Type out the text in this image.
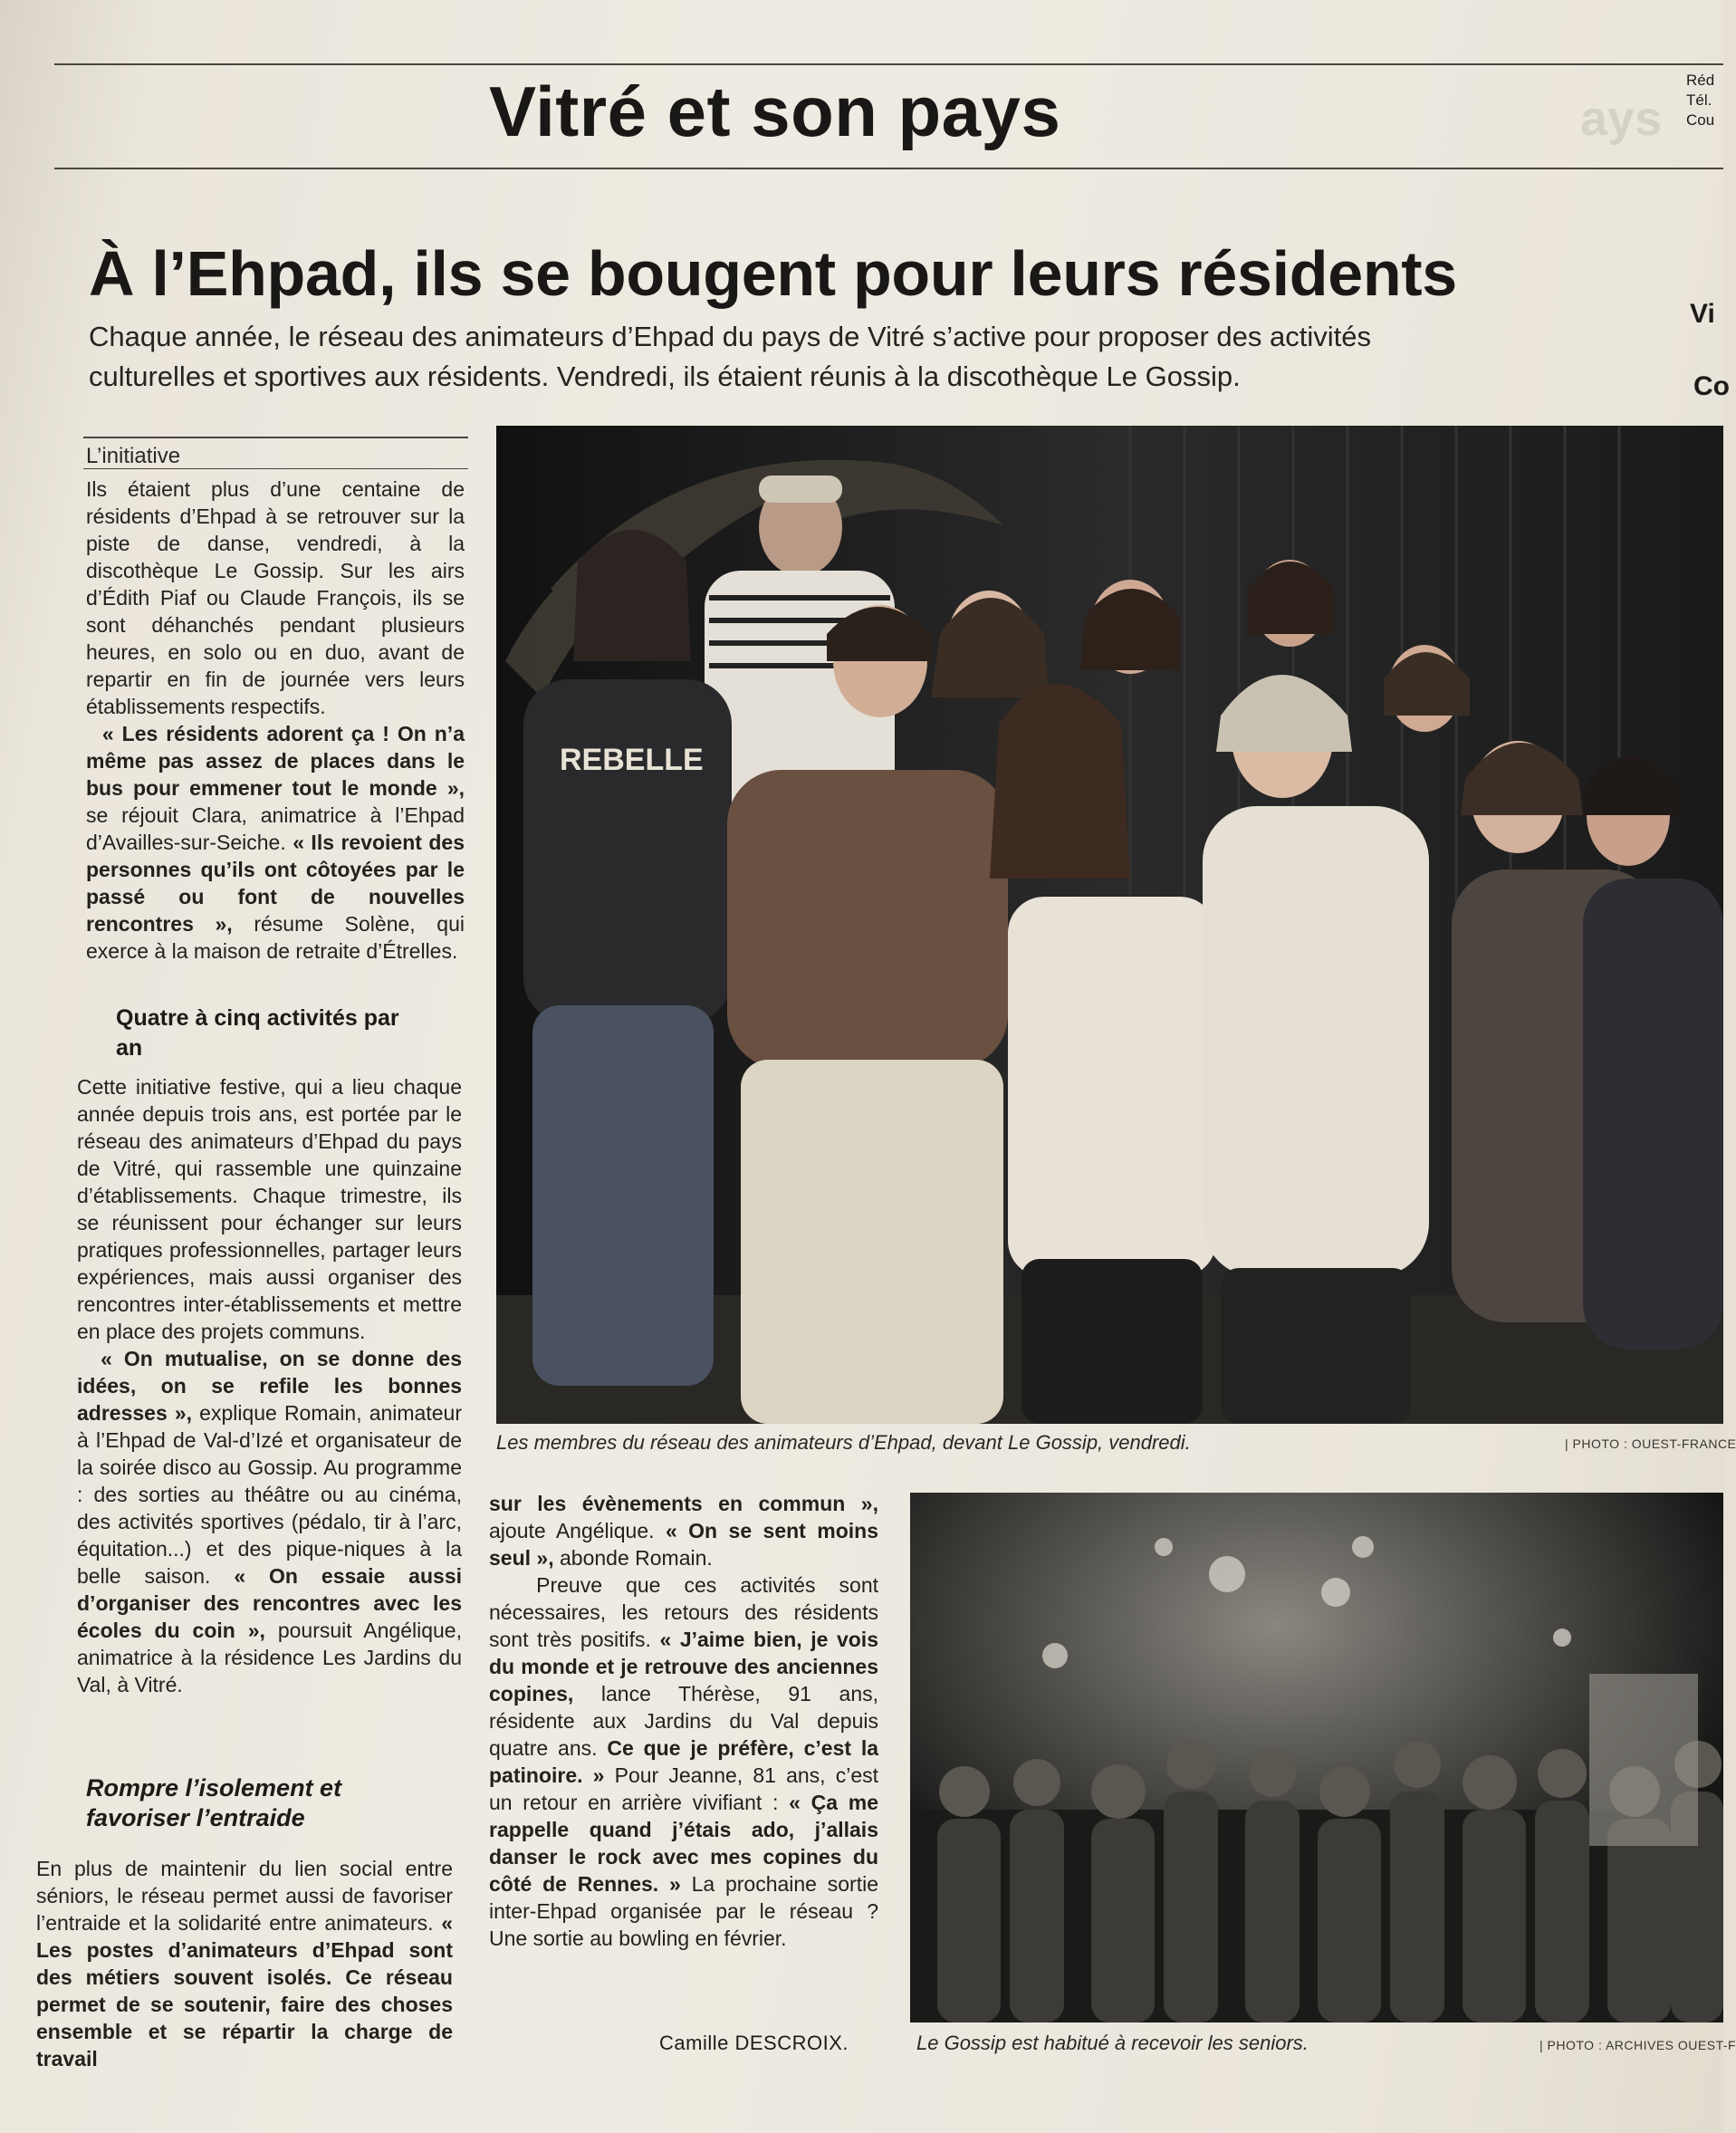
Vitré et son pays	ays
Réd
Tél.
Cou
À l’Ehpad, ils se bougent pour leurs résidents
Chaque année, le réseau des animateurs d’Ehpad du pays de Vitré s’active pour proposer des activités culturelles et sportives aux résidents. Vendredi, ils étaient réunis à la discothèque Le Gossip.
Vi
Co
L’initiative

Ils étaient plus d’une centaine de résidents d’Ehpad à se retrouver sur la piste de danse, vendredi, à la discothèque Le Gossip. Sur les airs d’Édith Piaf ou Claude François, ils se sont déhanchés pendant plusieurs heures, en solo ou en duo, avant de repartir en fin de journée vers leurs établissements respectifs.

« Les résidents adorent ça ! On n’a même pas assez de places dans le bus pour emmener tout le monde », se réjouit Clara, animatrice à l’Ehpad d’Availles-sur-Seiche. « Ils revoient des personnes qu’ils ont côtoyées par le passé ou font de nouvelles rencontres », résume Solène, qui exerce à la maison de retraite d’Étrelles.

Quatre à cinq activités par an

Cette initiative festive, qui a lieu chaque année depuis trois ans, est portée par le réseau des animateurs d’Ehpad du pays de Vitré, qui rassemble une quinzaine d’établissements. Chaque trimestre, ils se réunissent pour échanger sur leurs pratiques professionnelles, partager leurs expériences, mais aussi organiser des rencontres inter-établissements et mettre en place des projets communs.

« On mutualise, on se donne des idées, on se refile les bonnes adresses », explique Romain, animateur à l’Ehpad de Val-d’Izé et organisateur de la soirée disco au Gossip. Au programme : des sorties au théâtre ou au cinéma, des activités sportives (pédalo, tir à l’arc, équitation...) et des pique-niques à la belle saison. « On essaie aussi d’organiser des rencontres avec les écoles du coin », poursuit Angélique, animatrice à la résidence Les Jardins du Val, à Vitré.

Rompre l’isolement et favoriser l’entraide

En plus de maintenir du lien social entre séniors, le réseau permet aussi de favoriser l’entraide et la solidarité entre animateurs. « Les postes d’animateurs d’Ehpad sont des métiers souvent isolés. Ce réseau permet de se soutenir, faire des choses ensemble et se répartir la charge de travail

REBELLE
Les membres du réseau des animateurs d’Ehpad, devant Le Gossip, vendredi.	| PHOTO : OUEST-FRANCE

sur les évènements en commun », ajoute Angélique. « On se sent moins seul », abonde Romain.

Preuve que ces activités sont nécessaires, les retours des résidents sont très positifs. « J’aime bien, je vois du monde et je retrouve des anciennes copines, lance Thérèse, 91 ans, résidente aux Jardins du Val depuis quatre ans. Ce que je préfère, c’est la patinoire. » Pour Jeanne, 81 ans, c’est un retour en arrière vivifiant : « Ça me rappelle quand j’étais ado, j’allais danser le rock avec mes copines du côté de Rennes. » La prochaine sortie inter-Ehpad organisée par le réseau ? Une sortie au bowling en février.

Camille DESCROIX.	Le Gossip est habitué à recevoir les seniors.	| PHOTO : ARCHIVES OUEST-F
